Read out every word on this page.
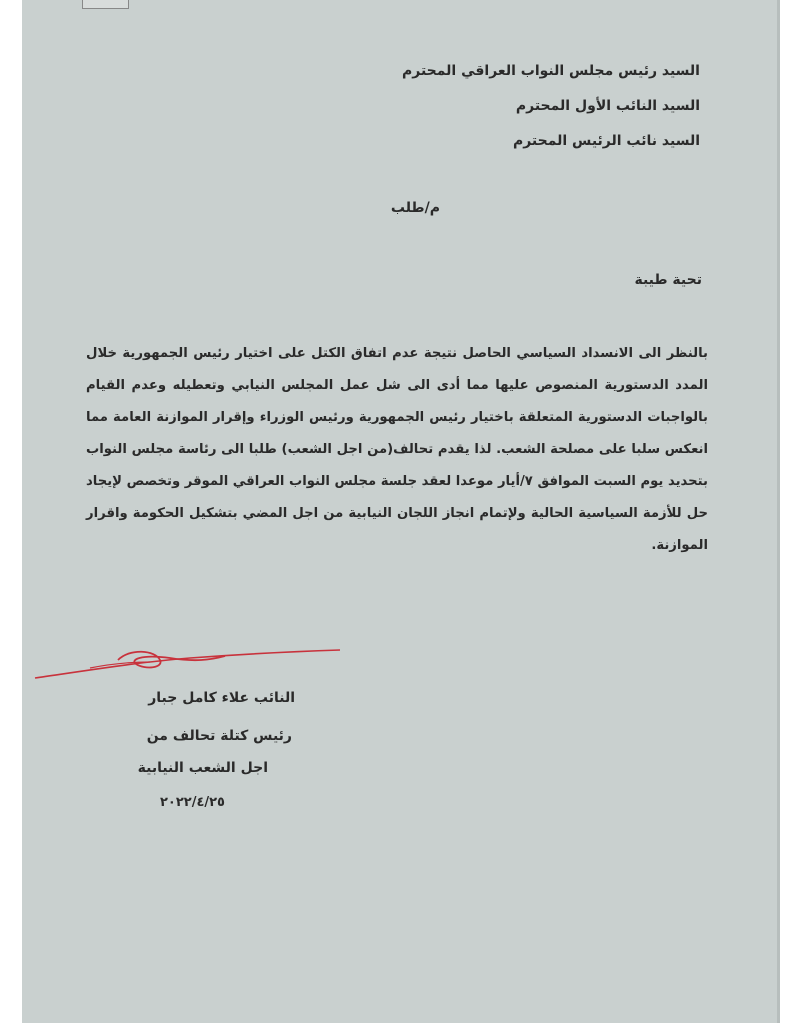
السيد رئيس مجلس النواب العراقي المحترم
السيد النائب الأول المحترم
السيد نائب الرئيس المحترم
م/طلب
تحية طيبة
بالنظر الى الانسداد السياسي الحاصل نتيجة عدم اتفاق الكتل على اختيار رئيس الجمهورية خلال المدد الدستورية المنصوص عليها مما أدى الى شل عمل المجلس النيابي وتعطيله وعدم القيام بالواجبات الدستورية المتعلقة باختيار رئيس الجمهورية ورئيس الوزراء وإقرار الموازنة العامة مما انعكس سلبا على مصلحة الشعب. لذا يقدم تحالف(من اجل الشعب) طلبا الى رئاسة مجلس النواب بتحديد يوم السبت الموافق ٧/أيار موعدا لعقد جلسة مجلس النواب العراقي الموقر وتخصص لإيجاد حل للأزمة السياسية الحالية ولإتمام انجاز اللجان النيابية من اجل المضي بتشكيل الحكومة واقرار الموازنة.
النائب علاء كامل جبار
رئيس كتلة تحالف من
اجل الشعب النيابية
٢٠٢٢/٤/٢٥
